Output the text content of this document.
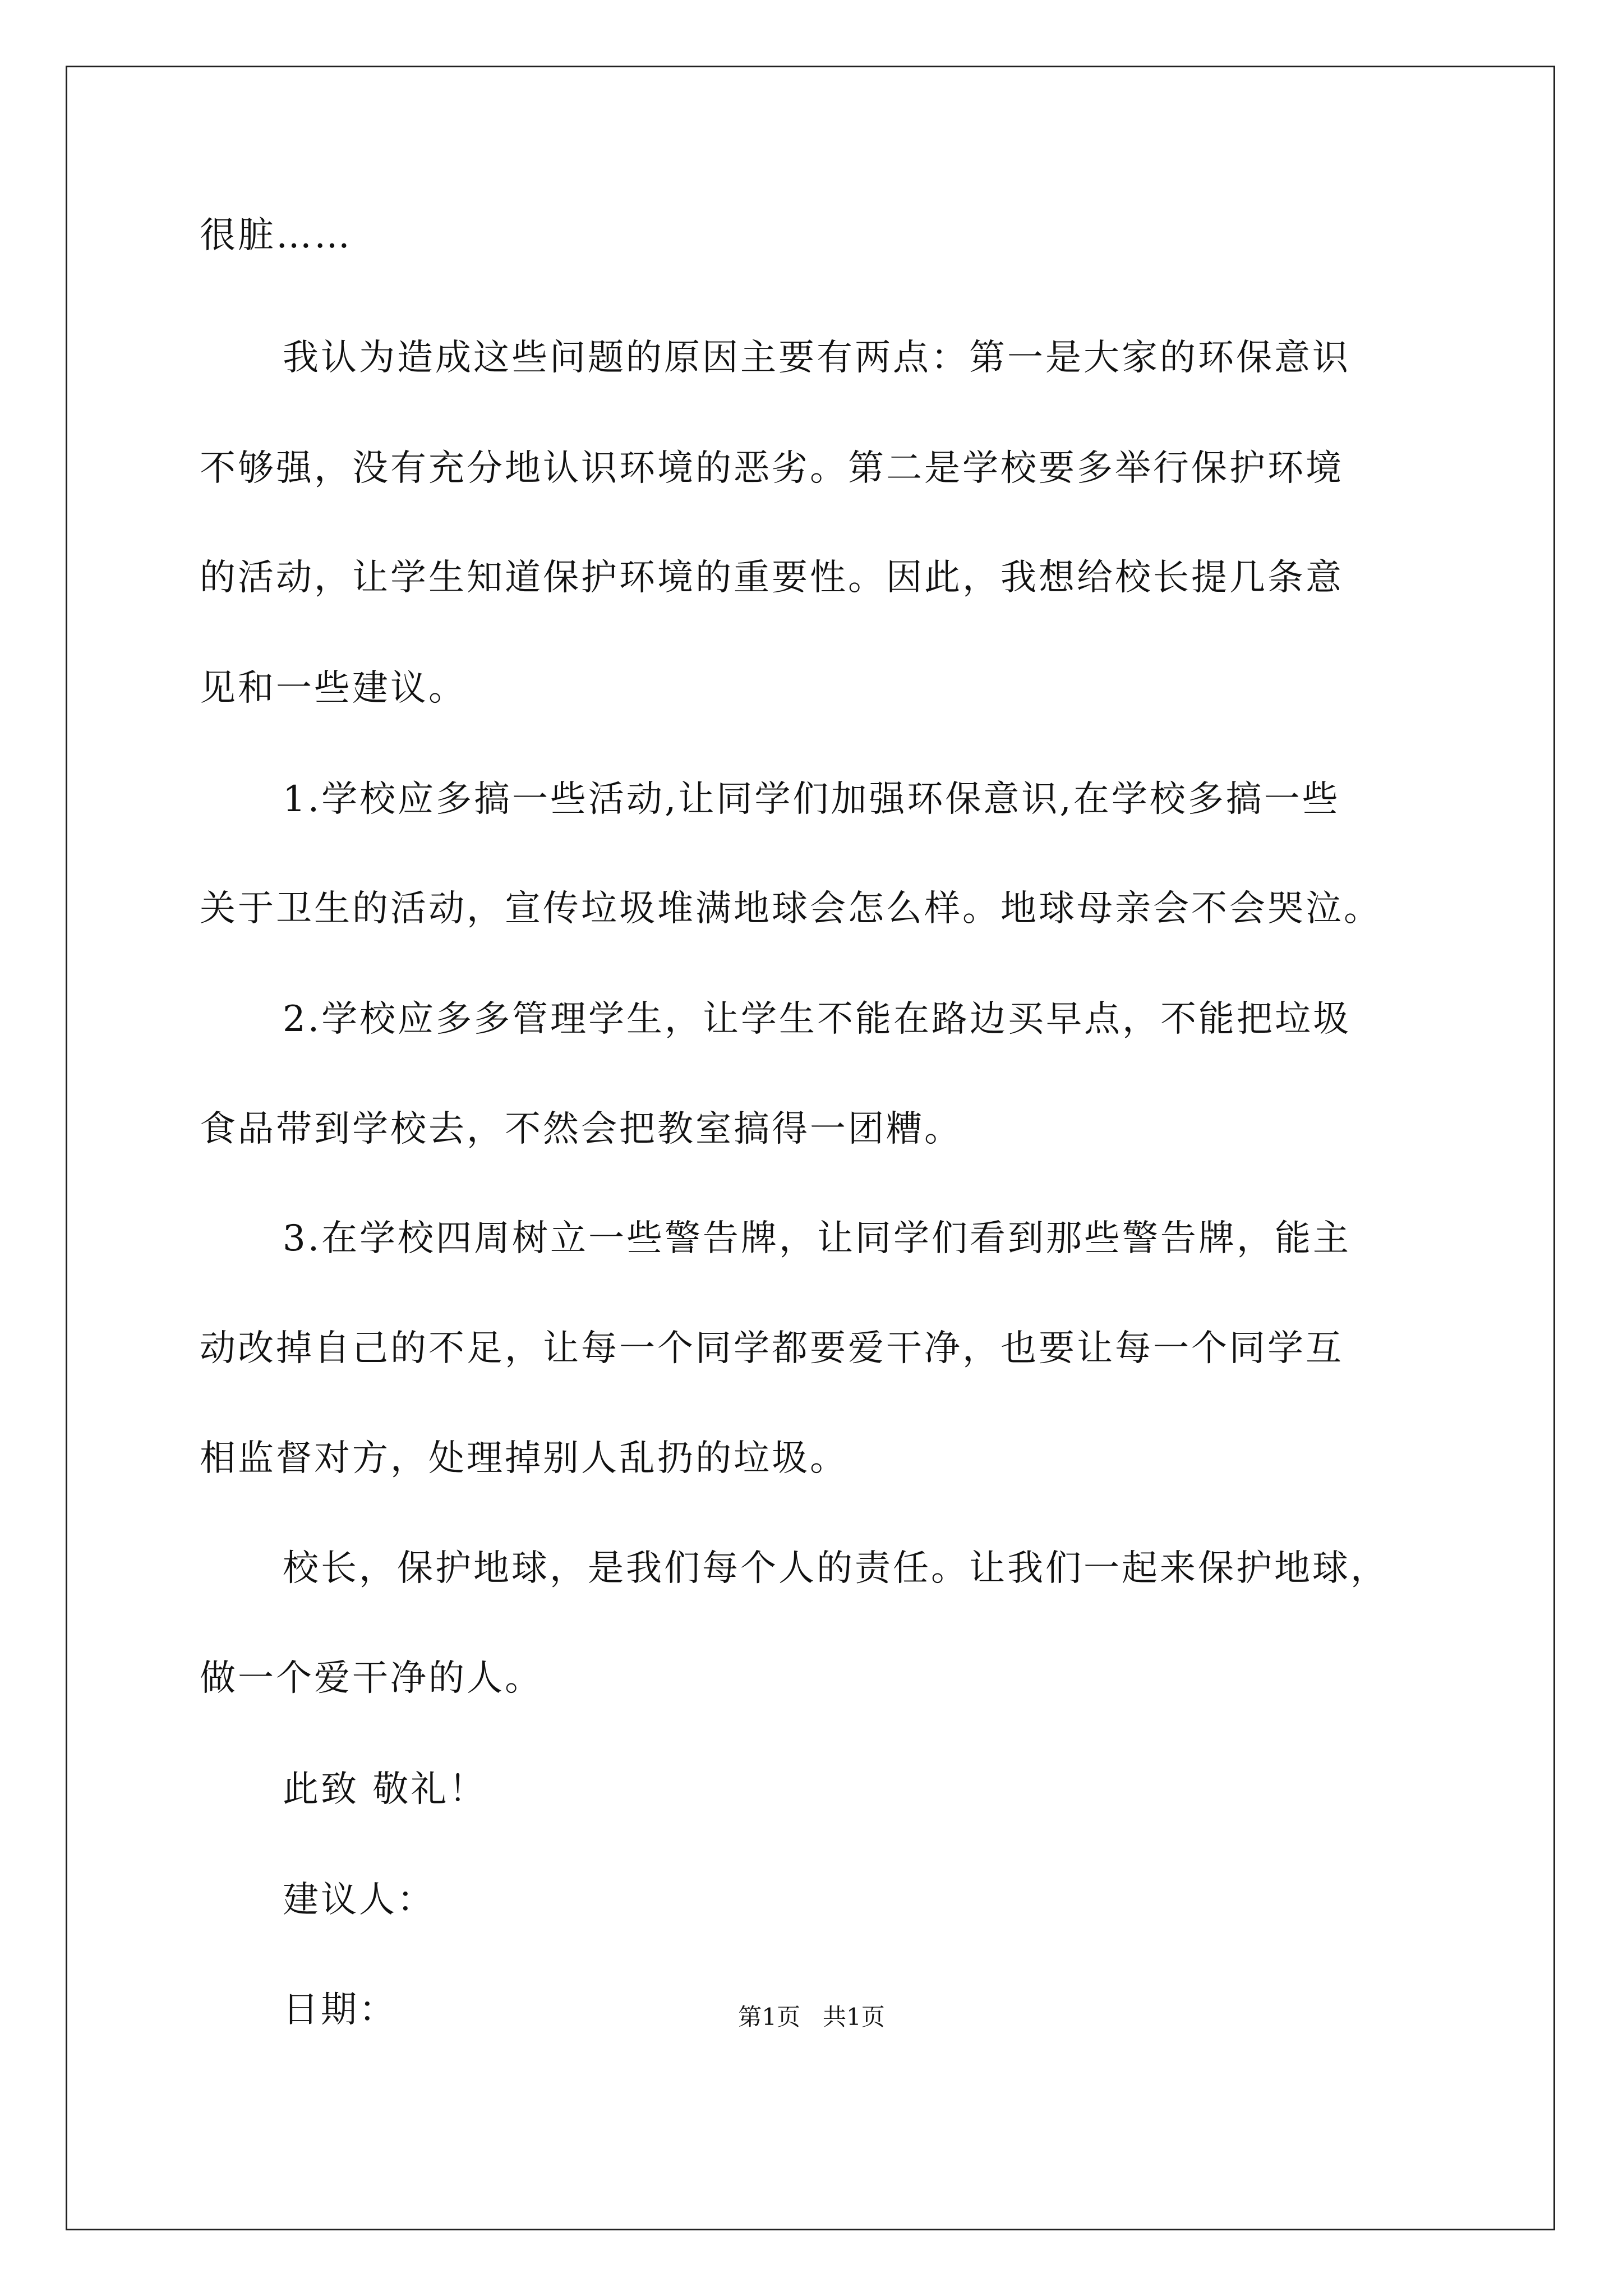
很脏……
我认为造成这些问题的原因主要有两点：第一是大家的环保意识
不够强，没有充分地认识环境的恶劣。第二是学校要多举行保护环境
的活动，让学生知道保护环境的重要性。因此，我想给校长提几条意
见和一些建议。
1.学校应多搞一些活动,让同学们加强环保意识,在学校多搞一些
关于卫生的活动，宣传垃圾堆满地球会怎么样。地球母亲会不会哭泣。
2.学校应多多管理学生，让学生不能在路边买早点，不能把垃圾
食品带到学校去，不然会把教室搞得一团糟。
3.在学校四周树立一些警告牌，让同学们看到那些警告牌，能主
动改掉自己的不足，让每一个同学都要爱干净，也要让每一个同学互
相监督对方，处理掉别人乱扔的垃圾。
校长，保护地球，是我们每个人的责任。让我们一起来保护地球，
做一个爱干净的人。
此致 敬礼！
建议人：
日期：	第1页   共1页
